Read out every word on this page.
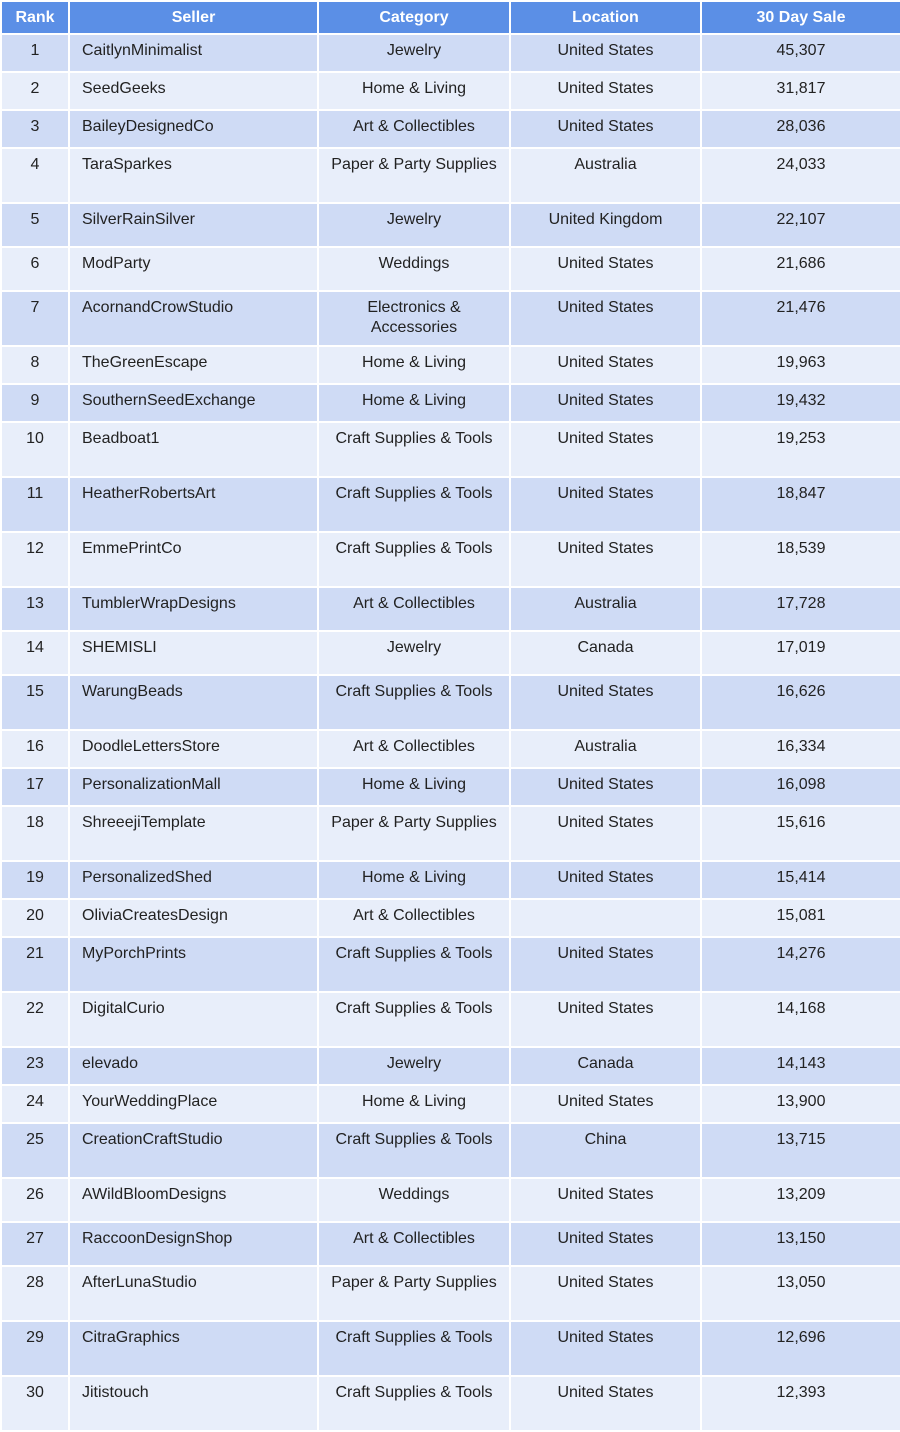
Rank	Seller	Category	Location	30 Day Sale
1	CaitlynMinimalist	Jewelry	United States	45,307
2	SeedGeeks	Home & Living	United States	31,817
3	BaileyDesignedCo	Art & Collectibles	United States	28,036
4	TaraSparkes	Paper & Party Supplies	Australia	24,033
5	SilverRainSilver	Jewelry	United Kingdom	22,107
6	ModParty	Weddings	United States	21,686
7	AcornandCrowStudio	Electronics & Accessories	United States	21,476
8	TheGreenEscape	Home & Living	United States	19,963
9	SouthernSeedExchange	Home & Living	United States	19,432
10	Beadboat1	Craft Supplies & Tools	United States	19,253
11	HeatherRobertsArt	Craft Supplies & Tools	United States	18,847
12	EmmePrintCo	Craft Supplies & Tools	United States	18,539
13	TumblerWrapDesigns	Art & Collectibles	Australia	17,728
14	SHEMISLI	Jewelry	Canada	17,019
15	WarungBeads	Craft Supplies & Tools	United States	16,626
16	DoodleLettersStore	Art & Collectibles	Australia	16,334
17	PersonalizationMall	Home & Living	United States	16,098
18	ShreeejiTemplate	Paper & Party Supplies	United States	15,616
19	PersonalizedShed	Home & Living	United States	15,414
20	OliviaCreatesDesign	Art & Collectibles		15,081
21	MyPorchPrints	Craft Supplies & Tools	United States	14,276
22	DigitalCurio	Craft Supplies & Tools	United States	14,168
23	elevado	Jewelry	Canada	14,143
24	YourWeddingPlace	Home & Living	United States	13,900
25	CreationCraftStudio	Craft Supplies & Tools	China	13,715
26	AWildBloomDesigns	Weddings	United States	13,209
27	RaccoonDesignShop	Art & Collectibles	United States	13,150
28	AfterLunaStudio	Paper & Party Supplies	United States	13,050
29	CitraGraphics	Craft Supplies & Tools	United States	12,696
30	Jitistouch	Craft Supplies & Tools	United States	12,393
